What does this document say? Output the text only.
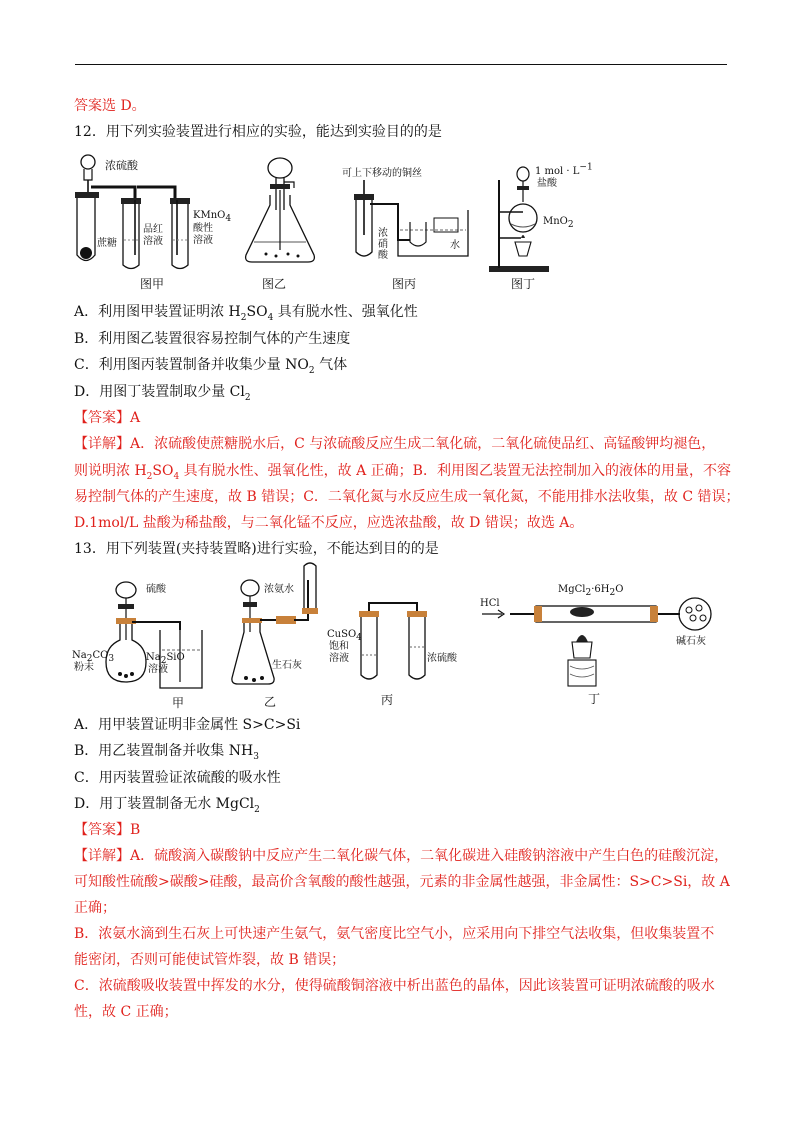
答案选 D。
12．用下列实验装置进行相应的实验，能达到实验目的的是
浓硫酸
蔗糖
品红
溶液
KMnO$_4$
酸性
溶液
图甲	图乙
可上下移动的铜丝
浓
硝
酸
水
图丙
1 mol · $L^{-1}$
盐酸
MnO$_2$
图丁
A．利用图甲装置证明浓 $H_2SO_4$ 具有脱水性、强氧化性
B．利用图乙装置很容易控制气体的产生速度
C．利用图丙装置制备并收集少量 $NO_2$ 气体
D．用图丁装置制取少量 $Cl_2$
【答案】A
【详解】A．浓硫酸使蔗糖脱水后，C 与浓硫酸反应生成二氧化硫，二氧化硫使品红、高锰酸钾均褪色，
则说明浓 $H_2SO_4$ 具有脱水性、强氧化性，故 A 正确；B．利用图乙装置无法控制加入的液体的用量，不容
易控制气体的产生速度，故 B 错误；C．二氧化氮与水反应生成一氧化氮，不能用排水法收集，故 C 错误；
D.1mol/L 盐酸为稀盐酸，与二氧化锰不反应，应选浓盐酸，故 D 错误；故选 A。
13．用下列装置(夹持装置略)进行实验，不能达到目的的是
硫酸
$Na_2CO_3$
粉末
$Na_2SiO$
溶液
甲
浓氨水
生石灰
乙
CuSO$_4$
饱和
溶液	浓硫酸
丙
HCl
$MgCl_2\cdot 6H_2O$
碱石灰
丁
A．用甲装置证明非金属性 S>C>Si
B．用乙装置制备并收集 $NH_3$
C．用丙装置验证浓硫酸的吸水性
D．用丁装置制备无水 MgCl$_2$
【答案】B
【详解】A．硫酸滴入碳酸钠中反应产生二氧化碳气体，二氧化碳进入硅酸钠溶液中产生白色的硅酸沉淀，
可知酸性硫酸>碳酸>硅酸，最高价含氧酸的酸性越强，元素的非金属性越强，非金属性：S>C>Si，故 A
正确；
B．浓氨水滴到生石灰上可快速产生氨气，氨气密度比空气小，应采用向下排空气法收集，但收集装置不
能密闭，否则可能使试管炸裂，故 B 错误；
C．浓硫酸吸收装置中挥发的水分，使得硫酸铜溶液中析出蓝色的晶体，因此该装置可证明浓硫酸的吸水
性，故 C 正确；
